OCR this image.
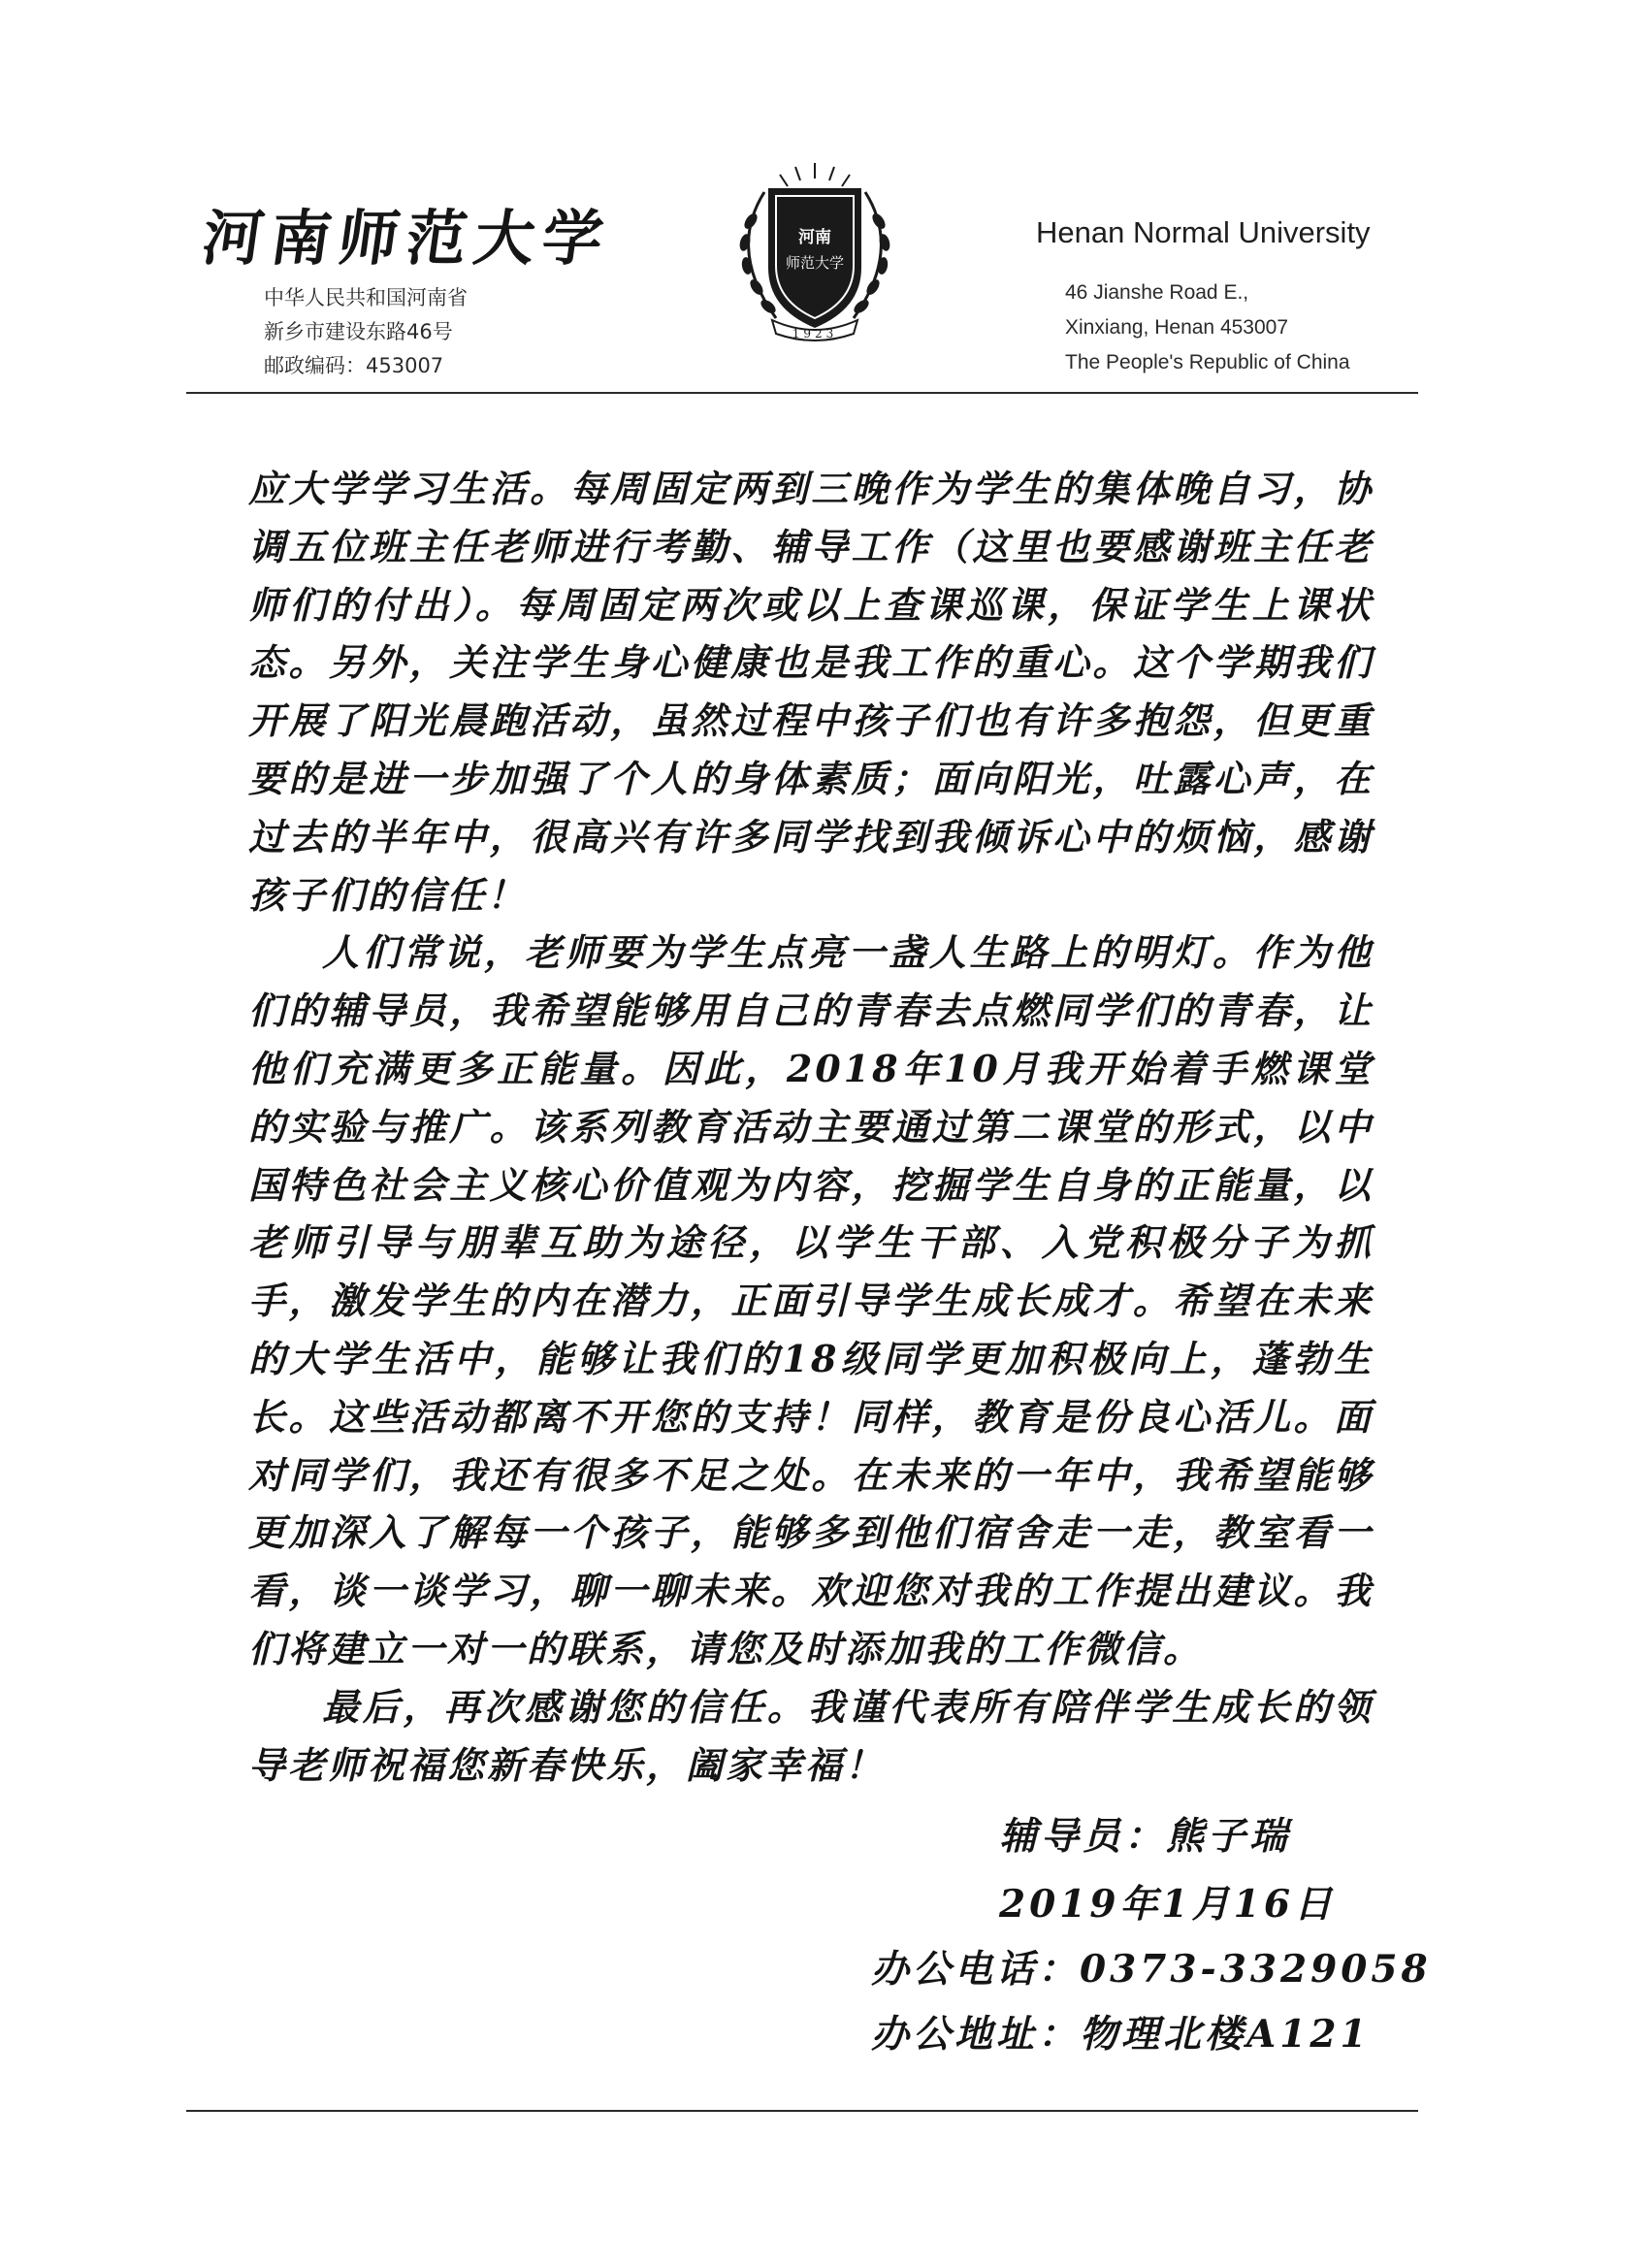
河南师范大学
中华人民共和国河南省
新乡市建设东路46号
邮政编码：453007
河南
师范大学
1923
Henan Normal University
46 Jianshe Road E.,
Xinxiang, Henan 453007
The People's Republic of China

应大学学习生活。每周固定两到三晚作为学生的集体晚自习，协调五位班主任老师进行考勤、辅导工作（这里也要感谢班主任老师们的付出）。每周固定两次或以上查课巡课，保证学生上课状态。另外，关注学生身心健康也是我工作的重心。这个学期我们开展了阳光晨跑活动，虽然过程中孩子们也有许多抱怨，但更重要的是进一步加强了个人的身体素质；面向阳光，吐露心声，在过去的半年中，很高兴有许多同学找到我倾诉心中的烦恼，感谢孩子们的信任！

人们常说，老师要为学生点亮一盏人生路上的明灯。作为他们的辅导员，我希望能够用自己的青春去点燃同学们的青春，让他们充满更多正能量。因此，2018年10月我开始着手燃课堂的实验与推广。该系列教育活动主要通过第二课堂的形式，以中国特色社会主义核心价值观为内容，挖掘学生自身的正能量，以老师引导与朋辈互助为途径，以学生干部、入党积极分子为抓手，激发学生的内在潜力，正面引导学生成长成才。希望在未来的大学生活中，能够让我们的18级同学更加积极向上，蓬勃生长。这些活动都离不开您的支持！同样，教育是份良心活儿。面对同学们，我还有很多不足之处。在未来的一年中，我希望能够更加深入了解每一个孩子，能够多到他们宿舍走一走，教室看一看，谈一谈学习，聊一聊未来。欢迎您对我的工作提出建议。我们将建立一对一的联系，请您及时添加我的工作微信。

最后，再次感谢您的信任。我谨代表所有陪伴学生成长的领导老师祝福您新春快乐，阖家幸福！

辅导员：熊子瑞
2019年1月16日
办公电话：0373-3329058
办公地址：物理北楼A121
